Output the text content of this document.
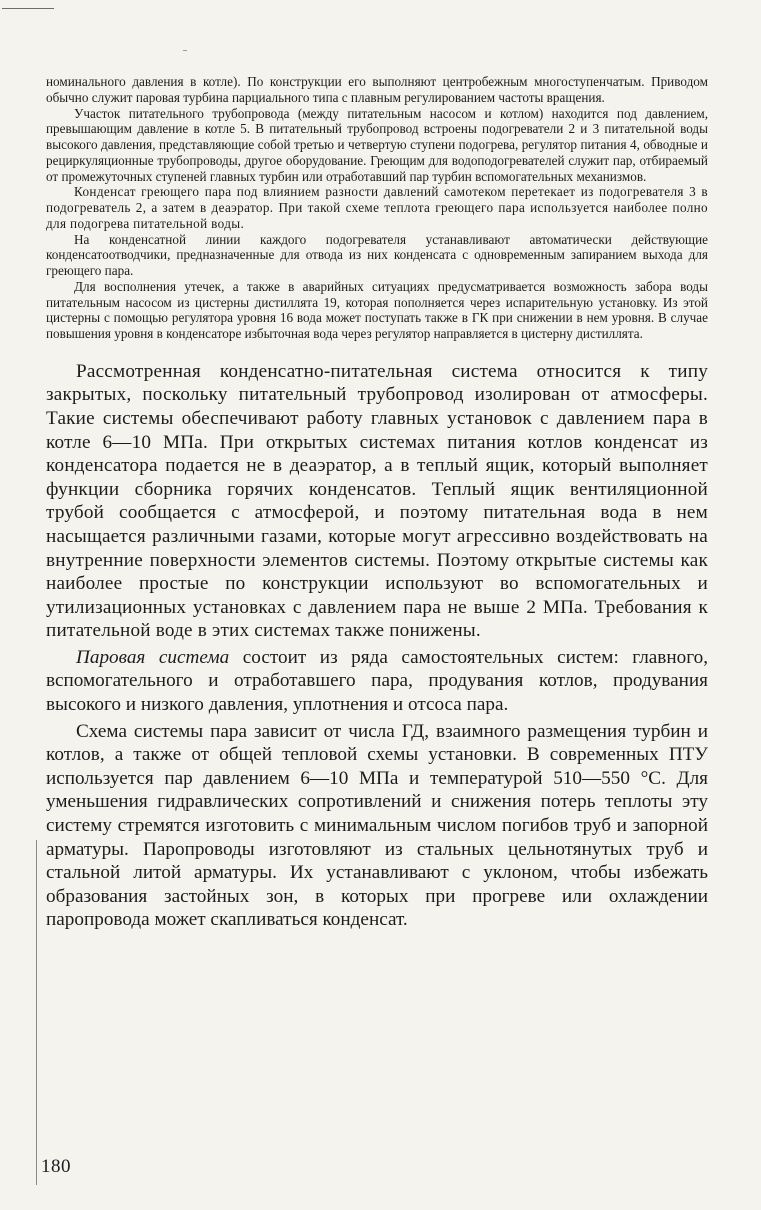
номинального давления в котле). По конструкции его выполняют центробежным многоступенчатым. Приводом обычно служит паровая турбина парциального типа с плавным регулированием частоты вращения.

Участок питательного трубопровода (между питательным насосом и котлом) находится под давлением, превышающим давление в котле 5. В питательный трубопровод встроены подогреватели 2 и 3 питательной воды высокого давления, представляющие собой третью и четвертую ступени подогрева, регулятор питания 4, обводные и рециркуляционные трубопроводы, другое оборудование. Греющим для водоподогревателей служит пар, отбираемый от промежуточных ступеней главных турбин или отработавший пар турбин вспомогательных механизмов.

Конденсат греющего пара под влиянием разности давлений самотеком перетекает из подогревателя 3 в подогреватель 2, а затем в деаэратор. При такой схеме теплота греющего пара используется наиболее полно для подогрева питательной воды.

На конденсатной линии каждого подогревателя устанавливают автоматически действующие конденсатоотводчики, предназначенные для отвода из них конденсата с одновременным запиранием выхода для греющего пара.

Для восполнения утечек, а также в аварийных ситуациях предусматривается возможность забора воды питательным насосом из цистерны дистиллята 19, которая пополняется через испарительную установку. Из этой цистерны с помощью регулятора уровня 16 вода может поступать также в ГК при снижении в нем уровня. В случае повышения уровня в конденсаторе избыточная вода через регулятор направляется в цистерну дистиллята.

Рассмотренная конденсатно-питательная система относится к типу закрытых, поскольку питательный трубопровод изолирован от атмосферы. Такие системы обеспечивают работу главных установок с давлением пара в котле 6—10 МПа. При открытых системах питания котлов конденсат из конденсатора подается не в деаэратор, а в теплый ящик, который выполняет функции сборника горячих конденсатов. Теплый ящик вентиляционной трубой сообщается с атмосферой, и поэтому питательная вода в нем насыщается различными газами, которые могут агрессивно воздействовать на внутренние поверхности элементов системы. Поэтому открытые системы как наиболее простые по конструкции используют во вспомогательных и утилизационных установках с давлением пара не выше 2 МПа. Требования к питательной воде в этих системах также понижены.

Паровая система состоит из ряда самостоятельных систем: главного, вспомогательного и отработавшего пара, продувания котлов, продувания высокого и низкого давления, уплотнения и отсоса пара.

Схема системы пара зависит от числа ГД, взаимного размещения турбин и котлов, а также от общей тепловой схемы установки. В современных ПТУ используется пар давлением 6—10 МПа и температурой 510—550 °С. Для уменьшения гидравлических сопротивлений и снижения потерь теплоты эту систему стремятся изготовить с минимальным числом погибов труб и запорной арматуры. Паропроводы изготовляют из стальных цельнотянутых труб и стальной литой арматуры. Их устанавливают с уклоном, чтобы избежать образования застойных зон, в которых при прогреве или охлаждении паропровода может скапливаться конденсат.

180
